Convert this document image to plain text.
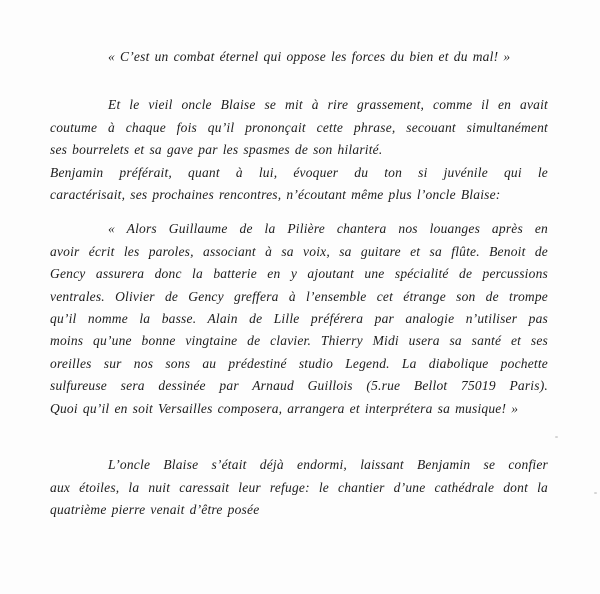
« C’est un combat éternel qui oppose les forces du bien et du mal! »
Et le vieil oncle Blaise se mit à rire grassement, comme il en avait
coutume à chaque fois qu’il prononçait cette phrase, secouant simultanément
ses bourrelets et sa gave par les spasmes de son hilarité.
Benjamin préférait, quant à lui, évoquer du ton si juvénile qui le
caractérisait, ses prochaines rencontres, n’écoutant même plus l’oncle Blaise:
« Alors Guillaume de la Pilière chantera nos louanges après en
avoir écrit les paroles, associant à sa voix, sa guitare et sa flûte. Benoit de
Gency assurera donc la batterie en y ajoutant une spécialité de percussions
ventrales. Olivier de Gency greffera à l’ensemble cet étrange son de trompe
qu’il nomme la basse. Alain de Lille préférera par analogie n’utiliser pas
moins qu’une bonne vingtaine de clavier. Thierry Midi usera sa santé et ses
oreilles sur nos sons au prédestiné studio Legend. La diabolique pochette
sulfureuse sera dessinée par Arnaud Guillois (5.rue Bellot 75019 Paris).
Quoi qu’il en soit Versailles composera, arrangera et interprétera sa musique! »
L’oncle Blaise s’était déjà endormi, laissant Benjamin se confier
aux étoiles, la nuit caressait leur refuge: le chantier d’une cathédrale dont la
quatrième pierre venait d’être posée
